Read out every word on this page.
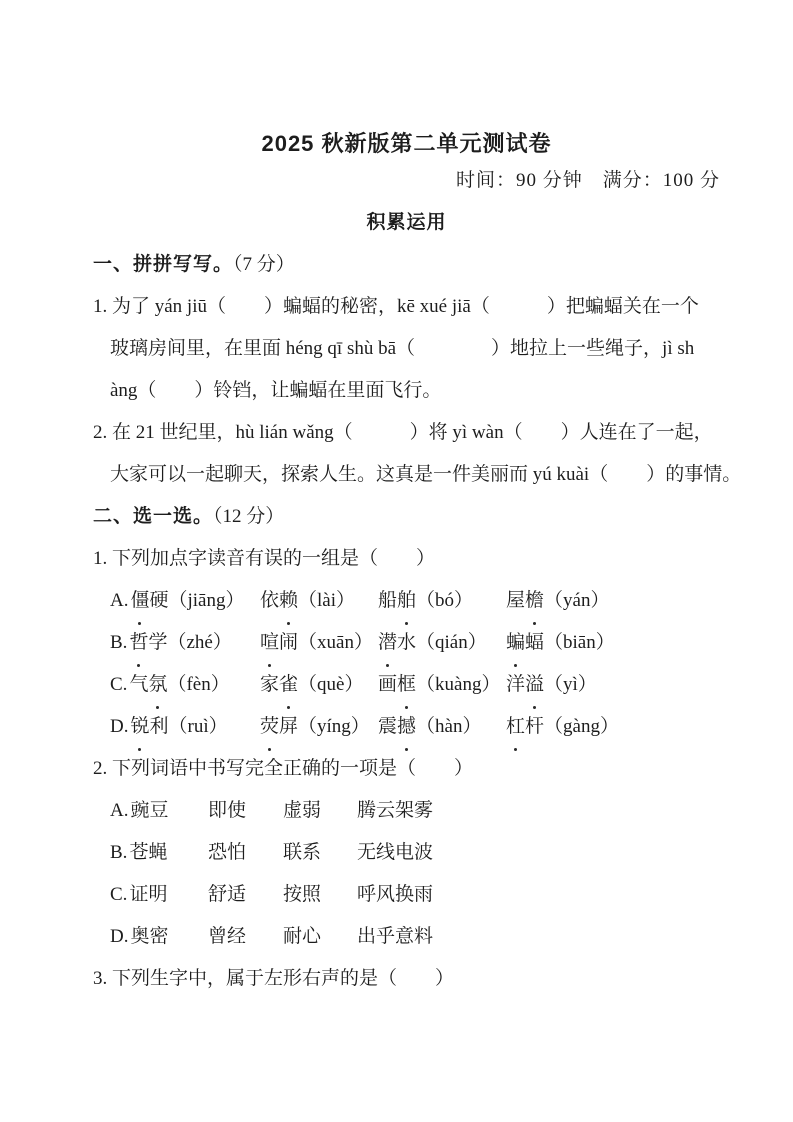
2025 秋新版第二单元测试卷
时间：90 分钟　满分：100 分
积累运用
一、拼拼写写。（7 分）
1. 为了 yán jiū（　　）蝙蝠的秘密，kē xué jiā（　　　）把蝙蝠关在一个
玻璃房间里，在里面 héng qī shù bā（　　　　）地拉上一些绳子，jì sh
àng（　　）铃铛，让蝙蝠在里面飞行。
2. 在 21 世纪里，hù lián wǎng（　　　）将 yì wàn（　　）人连在了一起，
大家可以一起聊天，探索人生。这真是一件美丽而 yú kuài（　　）的事情。
二、选一选。（12 分）
1. 下列加点字读音有误的一组是（　　）
A. 僵硬（jiāng） 依赖（lài）	船舶（bó）	屋檐（yán）
B. 哲学（zhé）	喧闹（xuān） 潜水（qián）	蝙蝠（biān）
C. 气氛（fèn）	家雀（què） 画框（kuàng） 洋溢（yì）
D. 锐利（ruì）	荧屏（yíng） 震撼（hàn）	杠杆（gàng）
2. 下列词语中书写完全正确的一项是（　　）
A. 豌豆	即使	虚弱	腾云架雾
B. 苍蝇	恐怕	联系	无线电波
C. 证明	舒适	按照	呼风换雨
D. 奥密	曾经	耐心	出乎意料
3. 下列生字中，属于左形右声的是（　　）
